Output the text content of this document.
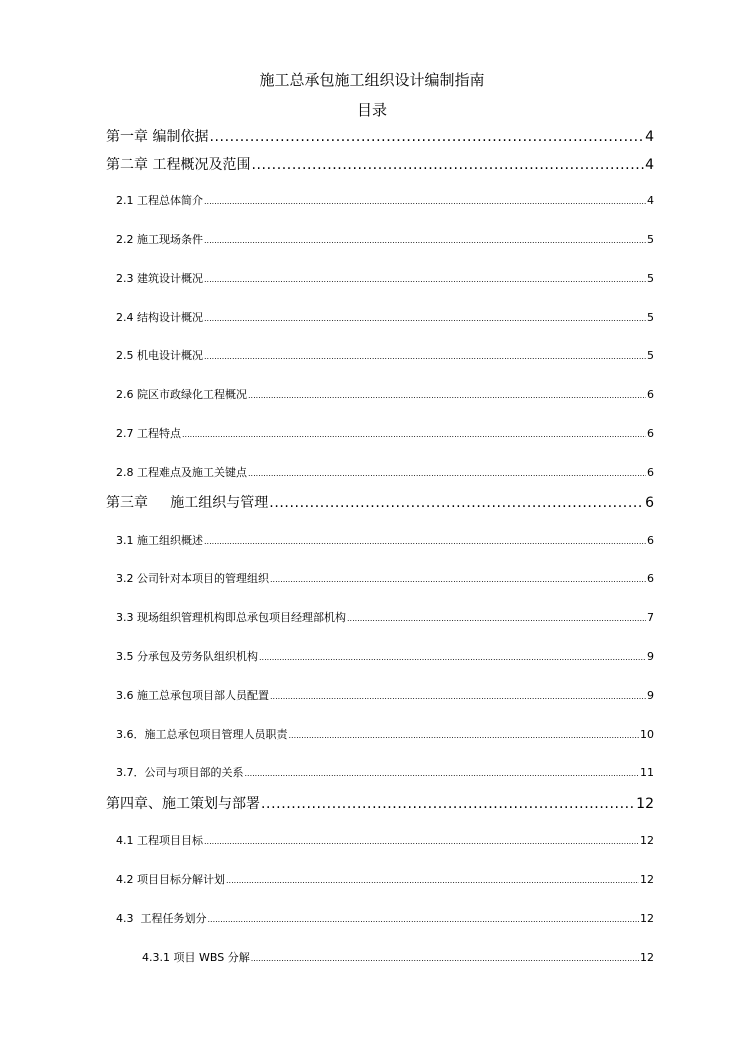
施工总承包施工组织设计编制指南
目录
第一章 编制依据 .....	4
第二章 工程概况及范围 .....	4
2.1 工程总体简介 .....	4
2.2 施工现场条件 .....	5
2.3 建筑设计概况 .....	5
2.4 结构设计概况 .....	5
2.5 机电设计概况 .....	5
2.6 院区市政绿化工程概况 .....	6
2.7 工程特点 .....	6
2.8 工程难点及施工关键点 .....	6
第三章     施工组织与管理 .....	6
3.1 施工组织概述 .....	6
3.2 公司针对本项目的管理组织 .....	6
3.3 现场组织管理机构即总承包项目经理部机构 .....	7
3.5 分承包及劳务队组织机构 .....	9
3.6 施工总承包项目部人员配置 .....	9
3.6．施工总承包项目管理人员职责 .....	10
3.7．公司与项目部的关系 .....	11
第四章、施工策划与部署 .....	12
4.1 工程项目目标 .....	12
4.2 项目目标分解计划 .....	12
4.3  工程任务划分 .....	12
4.3.1 项目 WBS 分解 .....	12
